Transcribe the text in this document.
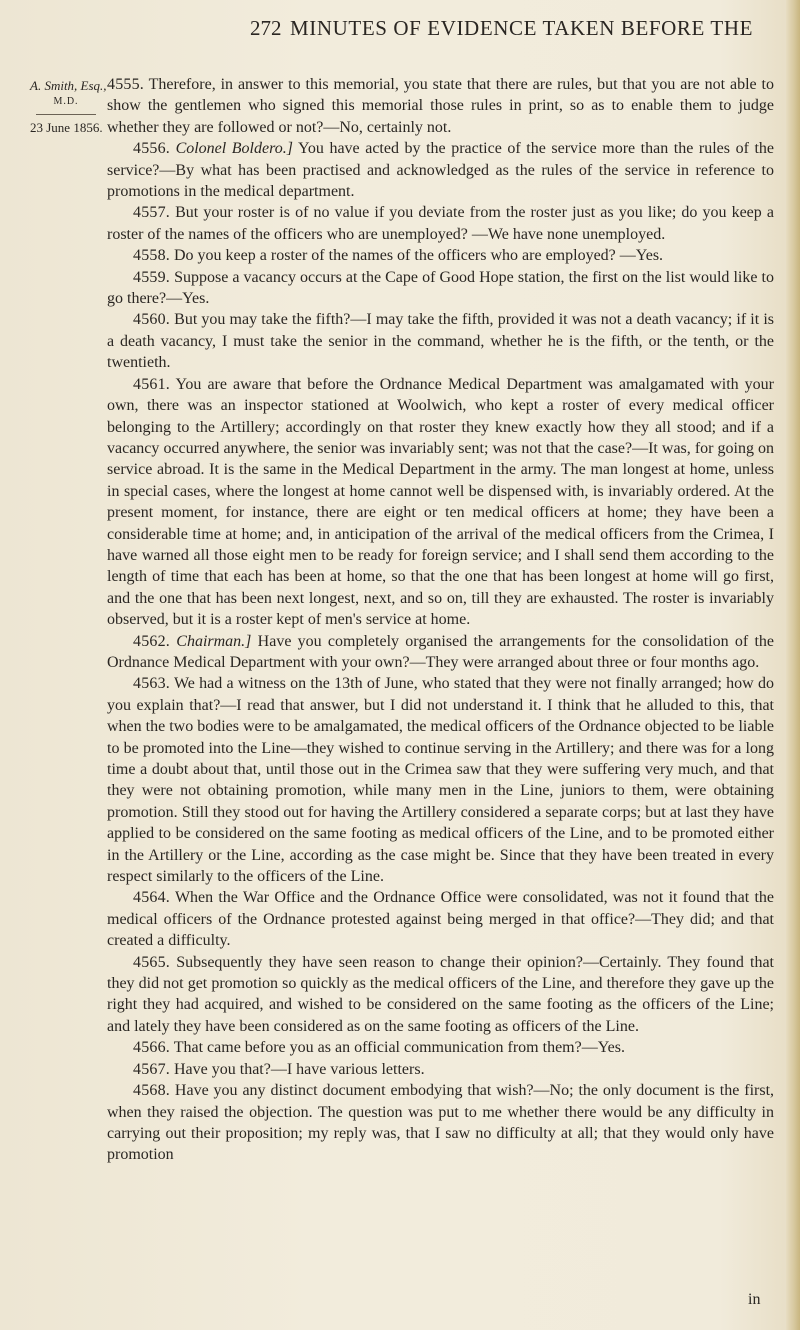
272 MINUTES OF EVIDENCE TAKEN BEFORE THE
A. Smith, Esq.,
M.D.
23 June 1856.

4555. Therefore, in answer to this memorial, you state that there are rules, but that you are not able to show the gentlemen who signed this memorial those rules in print, so as to enable them to judge whether they are followed or not?—No, certainly not.

4556. Colonel Boldero.] You have acted by the practice of the service more than the rules of the service?—By what has been practised and acknowledged as the rules of the service in reference to promotions in the medical department.

4557. But your roster is of no value if you deviate from the roster just as you like; do you keep a roster of the names of the officers who are unemployed? —We have none unemployed.

4558. Do you keep a roster of the names of the officers who are employed? —Yes.

4559. Suppose a vacancy occurs at the Cape of Good Hope station, the first on the list would like to go there?—Yes.

4560. But you may take the fifth?—I may take the fifth, provided it was not a death vacancy; if it is a death vacancy, I must take the senior in the command, whether he is the fifth, or the tenth, or the twentieth.

4561. You are aware that before the Ordnance Medical Department was amalgamated with your own, there was an inspector stationed at Woolwich, who kept a roster of every medical officer belonging to the Artillery; accordingly on that roster they knew exactly how they all stood; and if a vacancy occurred anywhere, the senior was invariably sent; was not that the case?—It was, for going on service abroad. It is the same in the Medical Department in the army. The man longest at home, unless in special cases, where the longest at home cannot well be dispensed with, is invariably ordered. At the present moment, for instance, there are eight or ten medical officers at home; they have been a considerable time at home; and, in anticipation of the arrival of the medical officers from the Crimea, I have warned all those eight men to be ready for foreign service; and I shall send them according to the length of time that each has been at home, so that the one that has been longest at home will go first, and the one that has been next longest, next, and so on, till they are exhausted. The roster is invariably observed, but it is a roster kept of men's service at home.

4562. Chairman.] Have you completely organised the arrangements for the consolidation of the Ordnance Medical Department with your own?—They were arranged about three or four months ago.

4563. We had a witness on the 13th of June, who stated that they were not finally arranged; how do you explain that?—I read that answer, but I did not understand it. I think that he alluded to this, that when the two bodies were to be amalgamated, the medical officers of the Ordnance objected to be liable to be promoted into the Line—they wished to continue serving in the Artillery; and there was for a long time a doubt about that, until those out in the Crimea saw that they were suffering very much, and that they were not obtaining promotion, while many men in the Line, juniors to them, were obtaining promotion. Still they stood out for having the Artillery considered a separate corps; but at last they have applied to be considered on the same footing as medical officers of the Line, and to be promoted either in the Artillery or the Line, according as the case might be. Since that they have been treated in every respect similarly to the officers of the Line.

4564. When the War Office and the Ordnance Office were consolidated, was not it found that the medical officers of the Ordnance protested against being merged in that office?—They did; and that created a difficulty.

4565. Subsequently they have seen reason to change their opinion?—Certainly. They found that they did not get promotion so quickly as the medical officers of the Line, and therefore they gave up the right they had acquired, and wished to be considered on the same footing as the officers of the Line; and lately they have been considered as on the same footing as officers of the Line.

4566. That came before you as an official communication from them?—Yes.

4567. Have you that?—I have various letters.

4568. Have you any distinct document embodying that wish?—No; the only document is the first, when they raised the objection. The question was put to me whether there would be any difficulty in carrying out their proposition; my reply was, that I saw no difficulty at all; that they would only have promotion

in
